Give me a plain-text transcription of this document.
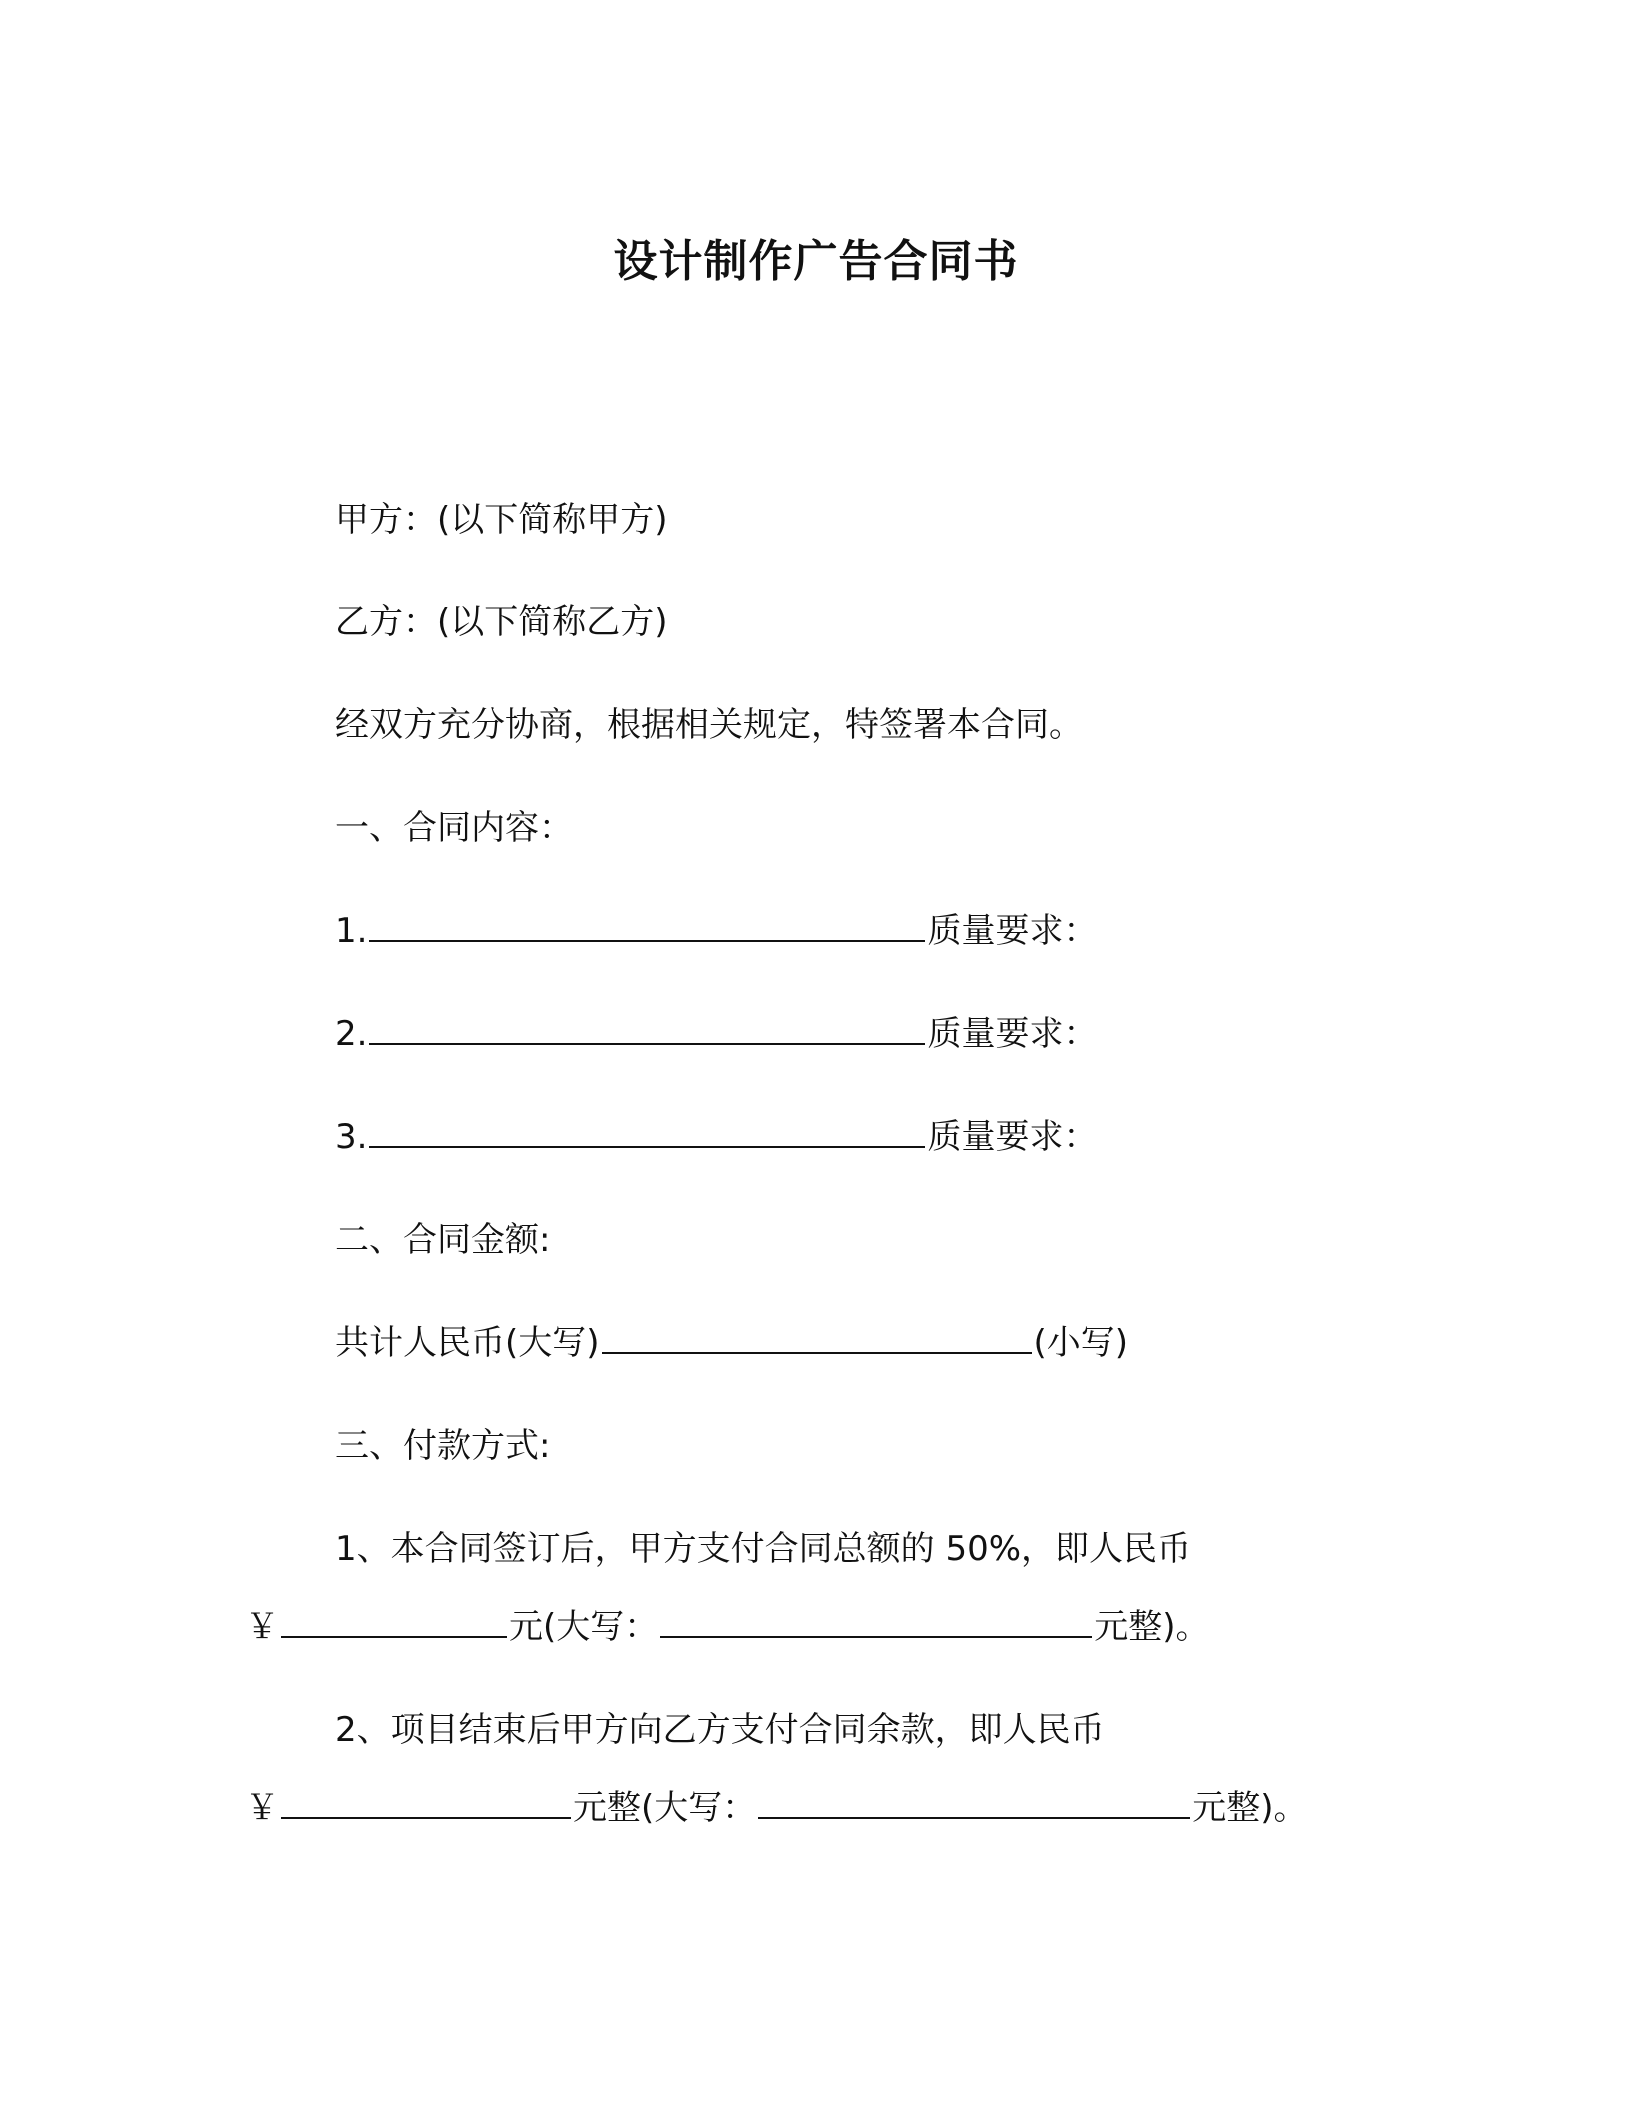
设计制作广告合同书
甲方：(以下简称甲方)
乙方：(以下简称乙方)
经双方充分协商，根据相关规定，特签署本合同。
一、合同内容：
1.	质量要求：
2.	质量要求：
3.	质量要求：
二、合同金额:
共计人民币(大写)	(小写)
三、付款方式:
1、本合同签订后，甲方支付合同总额的 50%，即人民币
￥	元(大写：	元整)。
2、项目结束后甲方向乙方支付合同余款，即人民币
￥	元整(大写：	元整)。
